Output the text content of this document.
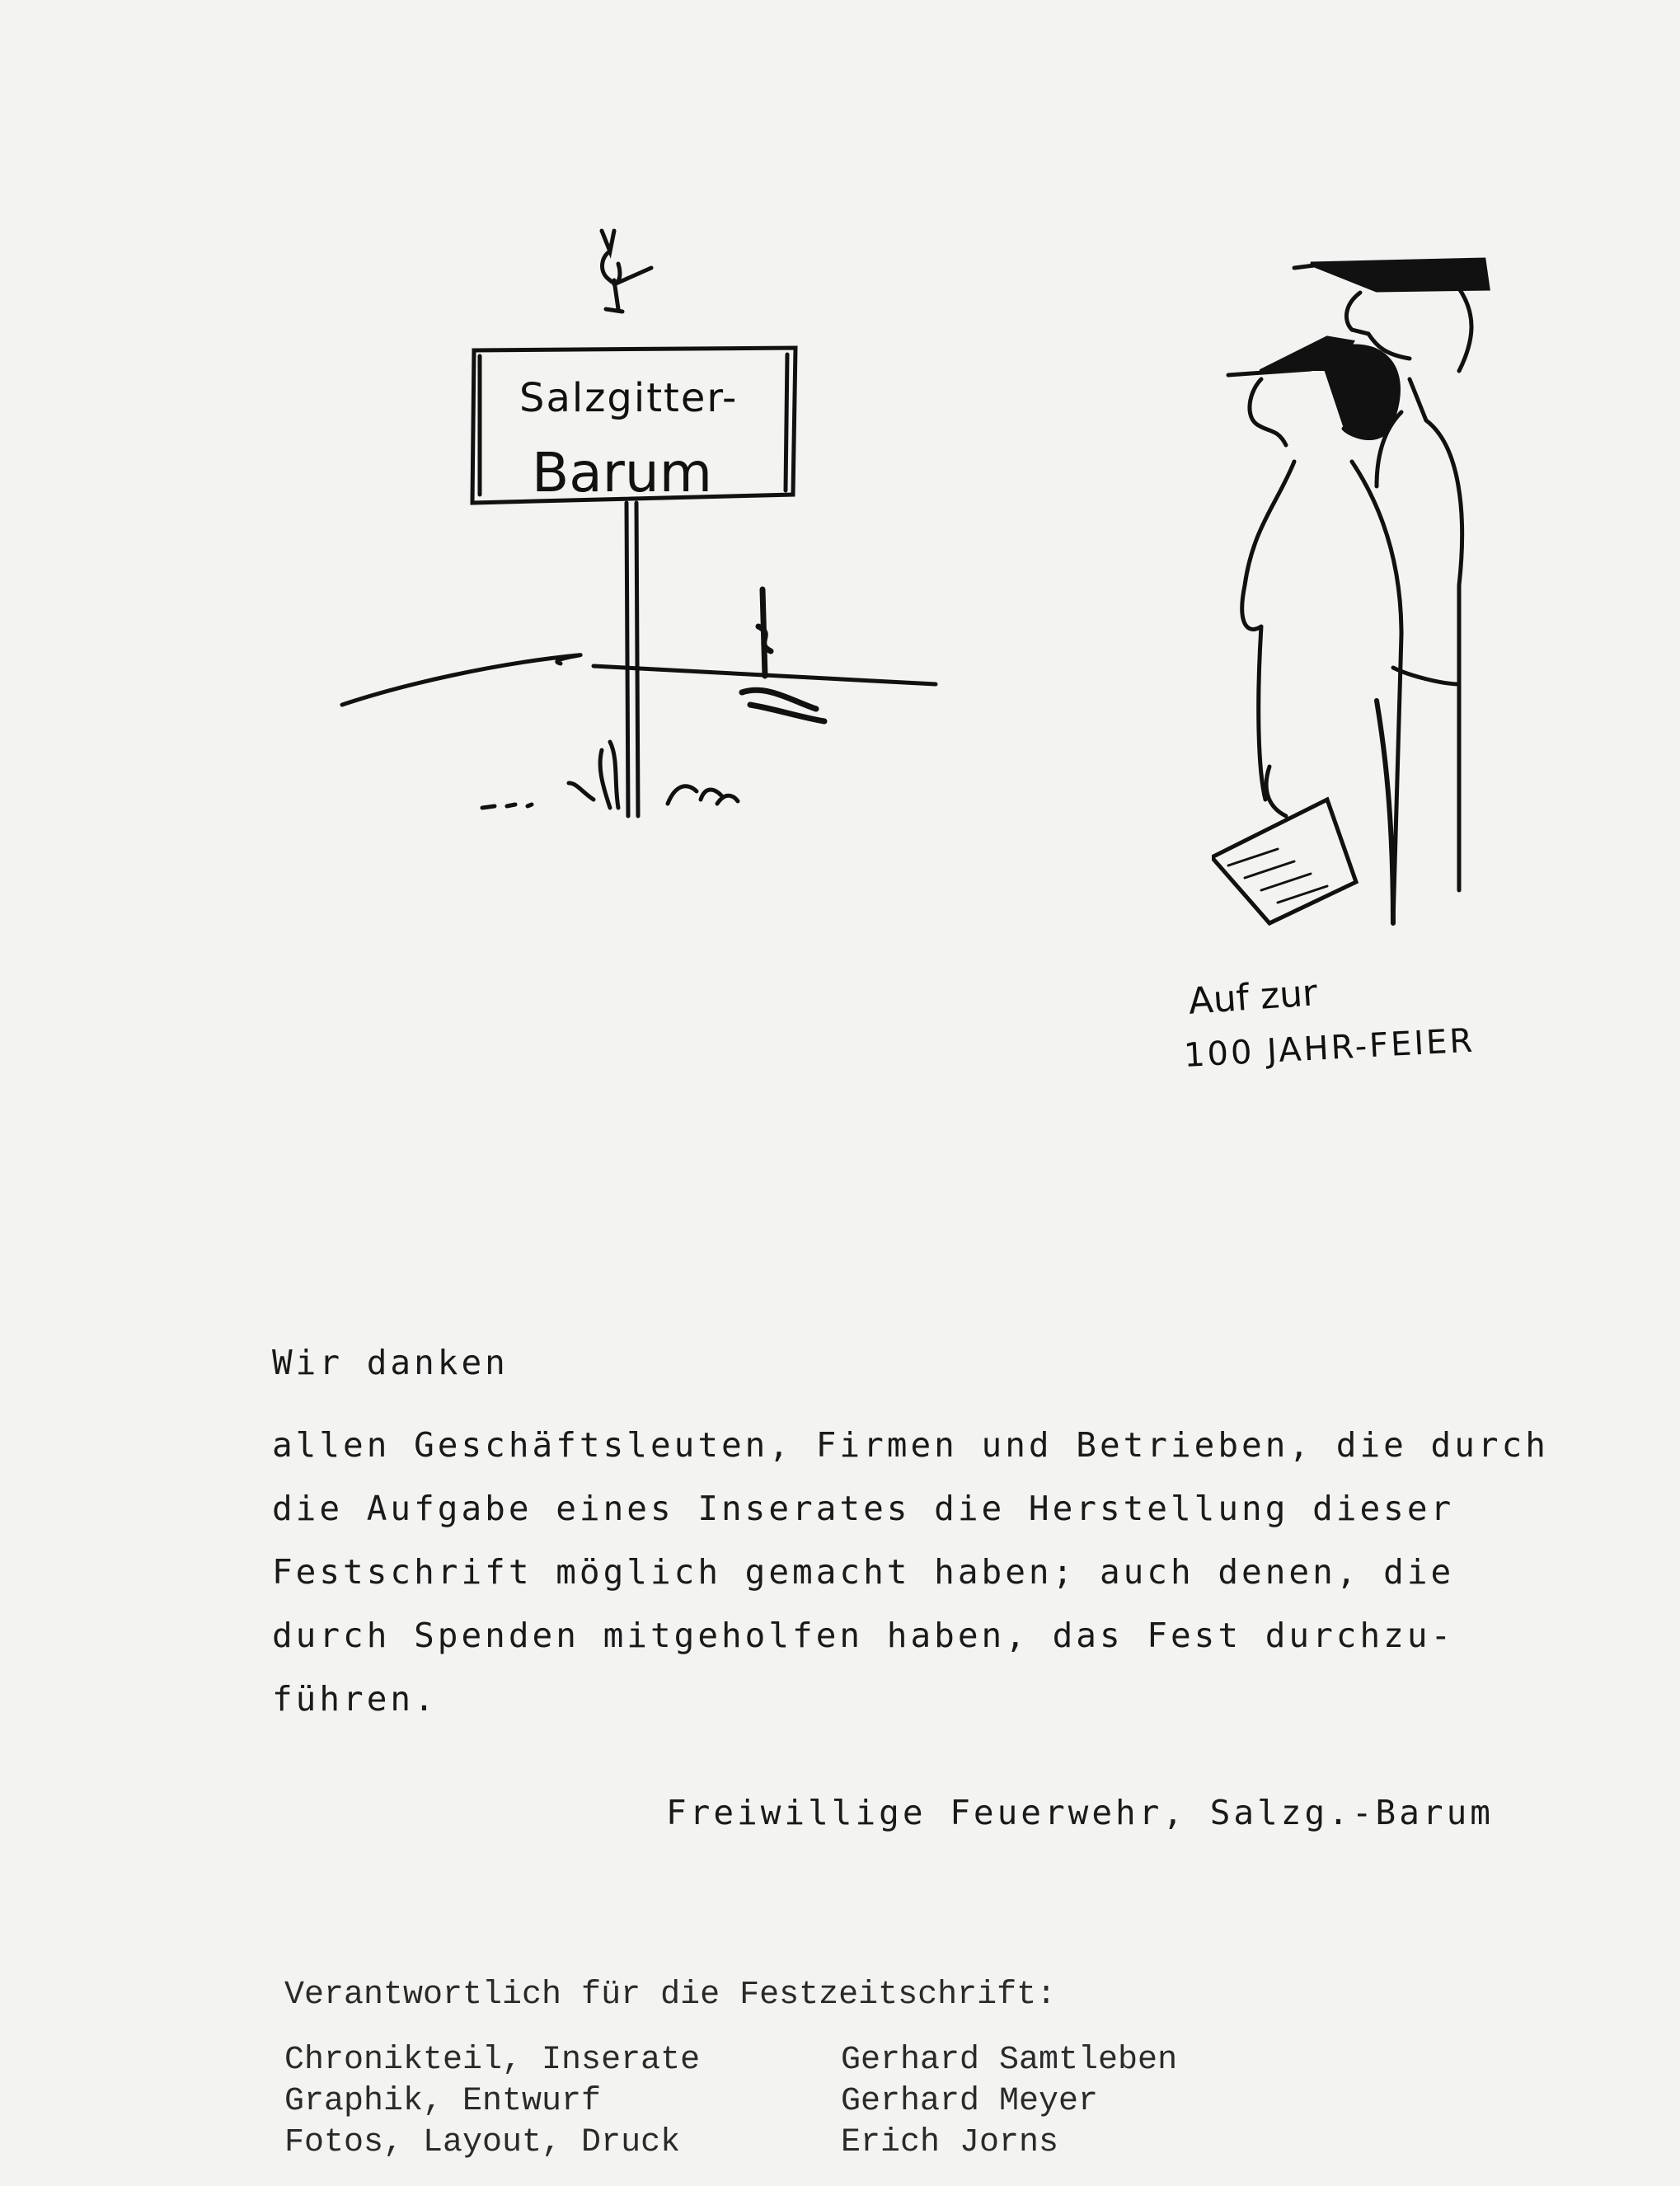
Salzgitter-
Barum
Auf zur
100 JAHR-FEIER
Wir danken
allen Geschäftsleuten, Firmen und Betrieben, die durch
die Aufgabe eines Inserates die Herstellung dieser
Festschrift möglich gemacht haben; auch denen, die
durch Spenden mitgeholfen haben, das Fest durchzu-
führen.
Freiwillige Feuerwehr, Salzg.-Barum
Verantwortlich für die Festzeitschrift:
Chronikteil, Inserate	Gerhard Samtleben
Graphik, Entwurf	Gerhard Meyer
Fotos, Layout, Druck	Erich Jorns
